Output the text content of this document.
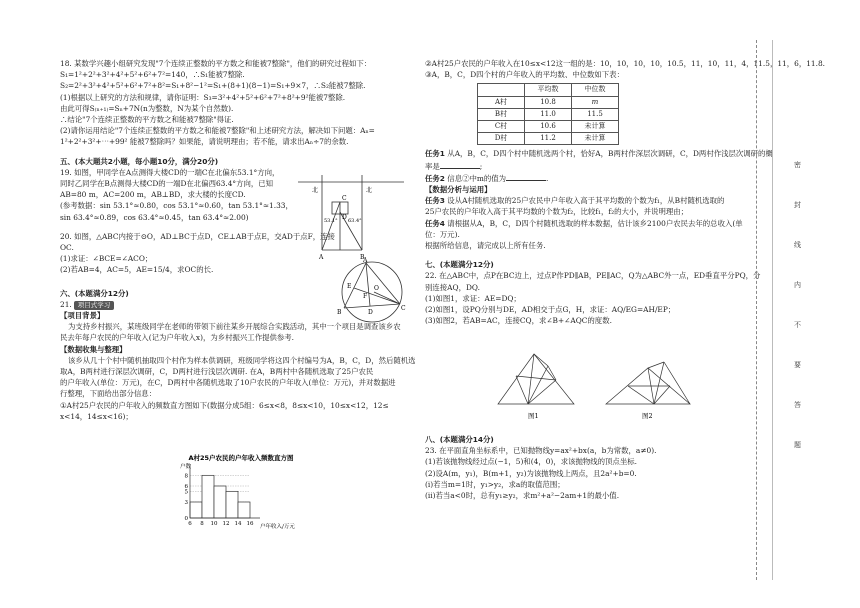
18. 某数学兴趣小组研究发现"7个连续正整数的平方数之和能被7整除"，他们的研究过程如下：
S₁=1²+2²+3²+4²+5²+6²+7²=140，∴S₁能被7整除.
S₂=2²+3²+4²+5²+6²+7²+8²=S₁+8²−1²=S₁+(8+1)(8−1)=S₁+9×7，∴S₂能被7整除.
(1)根据以上研究的方法和规律，请你证明：S₃=3²+4²+5²+6²+7²+8²+9²能被7整除.
由此可得S₍ₙ₊₁₎=Sₙ+7N(n为整数，N为某个自然数).
∴结论"7个连续正整数的平方数之和能被7整除"得证.
(2)请你运用结论"7个连续正整数的平方数之和能被7整除"和上述研究方法，解决如下问题：Aₙ=
1²+2²+3²+⋯+99² 能被7整除吗？如果能，请说明理由；若不能，请求出Aₙ÷7的余数.
五、(本大题共2小题，每小题10分，满分20分)
19. 如图，甲同学在A点测得大楼CD的一端C在北偏东53.1°方向，
同时乙同学在B点测得大楼CD的一端D在北偏西63.4°方向，已知
AB=80 m，AC=200 m，AB⊥BD，求大楼的长度CD.
(参考数据：sin 53.1°≈0.80，cos 53.1°≈0.60，tan 53.1°≈1.33，
sin 63.4°≈0.89，cos 63.4°≈0.45，tan 63.4°≈2.00)
20. 如图，△ABC内接于⊙O，AD⊥BC于点D，CE⊥AB于点E，交AD于点F，连接
OC.
(1)求证：∠BCE=∠ACO；
(2)若AB=4，AC=5，AE=15/4，求OC的长.
六、(本题满分12分)
21. 项目式学习
【项目背景】
为支持乡村振兴，某班级同学在老师的带领下前往某乡开展综合实践活动，其中一个项目是调查该乡农
民去年每户农民的户年收入(记为户年收入x)，为乡村振兴工作提供参考.
【数据收集与整理】
该乡从几十个村中随机抽取四个村作为样本供调研，班级同学将这四个村编号为A，B，C，D，然后随机选
取A，B两村进行深层次调研，C，D两村进行浅层次调研. 在A，B两村中各随机选取了25户农民
的户年收入(单位：万元)，在C，D两村中各随机选取了10户农民的户年收入(单位：万元)，并对数据进
行整理，下面给出部分信息：
①A村25户农民的户年收入的频数直方图如下(数据分成5组：6≤x<8，8≤x<10，10≤x<12，12≤
x<14，14≤x<16)；
北	北
53.1° 63.4°
A	B
C
D
A
B
C
D
E
F
O
A村25户农民的户年收入频数直方图
户数
6 8 10 12 14 16
0
3
5
6
8
户年收入/万元
②A村25户农民的户年收入在10≤x<12这一组的是：10，10，10，10，10.5，11，10，11，4，11.5，11，6，11.8.
③A，B，C，D四个村的户年收入的平均数、中位数如下表：
	平均数	中位数
A村	10.8	m
B村	11.0	11.5
C村	10.6	未计算
D村	11.2	未计算
任务1 从A，B，C，D四个村中随机选两个村，恰好A，B两村作深层次调研，C，D两村作浅层次调研的概
率是	;
任务2 信息②中m的值为	.
【数据分析与运用】
任务3 设从A村随机选取的25户农民中户年收入高于其平均数的个数为f₁，从B村随机选取的
25户农民的户年收入高于其平均数的个数为f₂，比较f₁，f₂的大小，并说明理由；
任务4 请根据从A，B，C，D四个村随机选取的样本数据，估计该乡2100户农民去年的总收入(单
位：万元).
根据所给信息，请完成以上所有任务.
七、(本题满分12分)
22. 在△ABC中，点P在BC边上，过点P作PD∥AB，PE∥AC，Q为△ABC外一点，ED垂直平分PQ，分
别连接AQ，DQ.
(1)如图1，求证：AE=DQ；
(2)如图1，设PQ分别与DE，AD相交于点G，H，求证：AQ/EG=AH/EP；
(3)如图2，若AB=AC，连接CQ，求∠B+∠AQC的度数.
图1	图2
八、(本题满分14分)
23. 在平面直角坐标系中，已知抛物线y=ax²+bx(a，b为常数，a≠0).
(1)若该抛物线经过点(−1，5)和(4，0)，求该抛物线的顶点坐标.
(2)设A(m，y₁)，B(m+1，y₂)为该抛物线上两点，且2a²+b=0.
(ⅰ)若当m=1时，y₁>y₂，求a的取值范围；
(ⅱ)若当a<0时，总有y₁≥y₂，求m²+a²−2am+1的最小值.
密
封
线
内
不
要
答
题
